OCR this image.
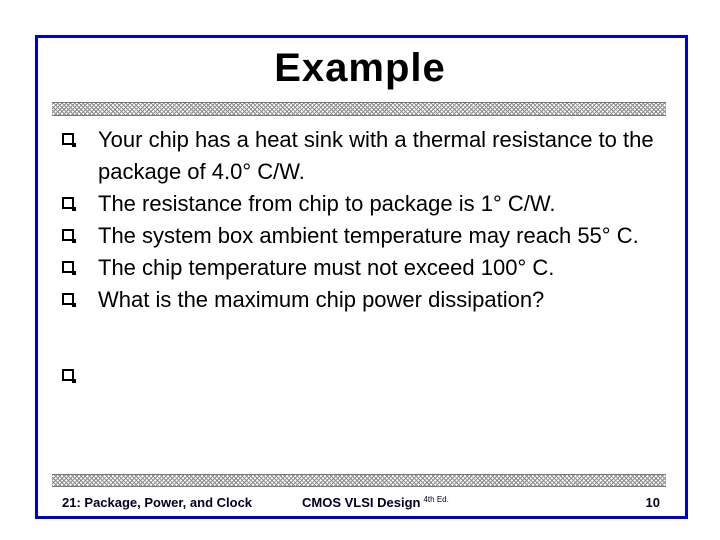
Example
Your chip has a heat sink with a thermal resistance to the package of 4.0° C/W.
The resistance from chip to package is 1° C/W.
The system box ambient temperature may reach 55° C.
The chip temperature must not exceed 100° C.
What is the maximum chip power dissipation?
21: Package, Power, and Clock	CMOS VLSI Design $^{4th Ed.}$	10
